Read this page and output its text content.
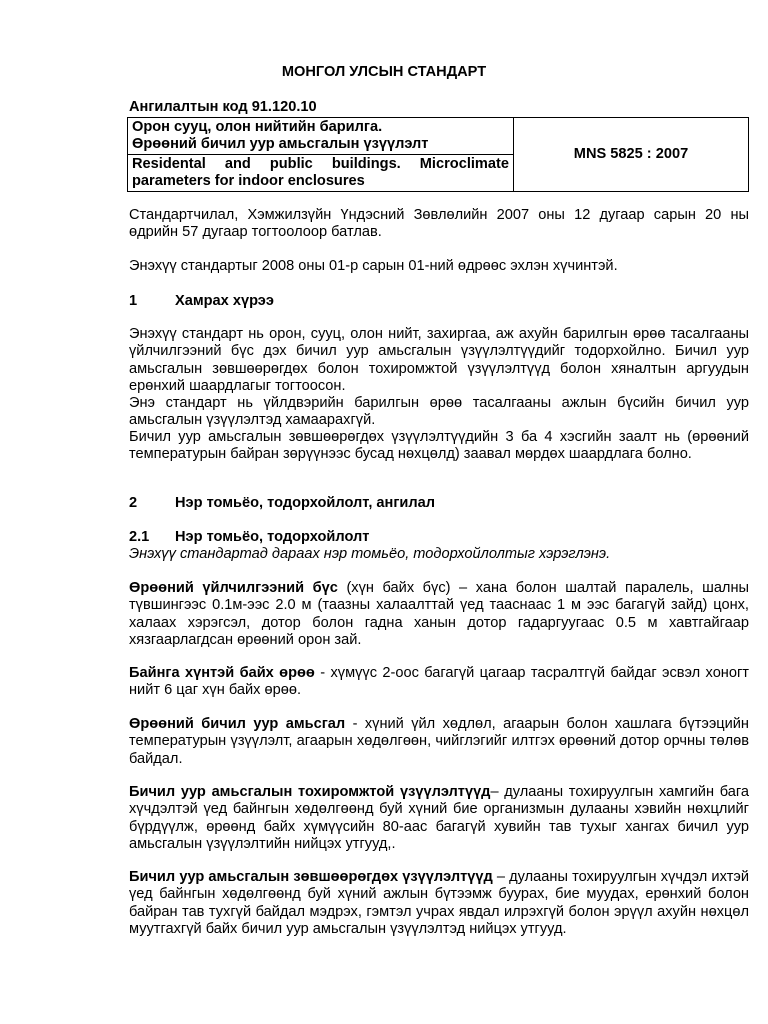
МОНГОЛ УЛСЫН СТАНДАРТ
Ангилалтын код 91.120.10
Орон сууц, олон нийтийн барилга.
Өрөөний бичил уур амьсгалын үзүүлэлт
	MNS 5825 : 2007
Residental and public buildings. Microclimate parameters for indoor enclosures
Стандартчилал, Хэмжилзүйн Үндэсний Зөвлөлийн 2007 оны 12 дугаар сарын 20 ны өдрийн 57 дугаар тогтоолоор батлав.
Энэхүү стандартыг 2008 оны 01-р сарын 01-ний өдрөөс эхлэн хүчинтэй.
1	Хамрах хүрээ
Энэхүү стандарт нь орон, сууц, олон нийт, захиргаа, аж ахуйн барилгын өрөө тасалгааны үйлчилгээний бүс дэх бичил уур амьсгалын үзүүлэлтүүдийг тодорхойлно. Бичил уур амьсгалын зөвшөөрөгдөх болон тохиромжтой үзүүлэлтүүд болон хяналтын аргуудын ерөнхий шаардлагыг тогтоосон.
Энэ стандарт нь үйлдвэрийн барилгын өрөө тасалгааны ажлын бүсийн бичил уур амьсгалын үзүүлэлтэд хамаарахгүй.
Бичил уур амьсгалын зөвшөөрөгдөх үзүүлэлтүүдийн 3 ба 4 хэсгийн заалт нь (өрөөний температурын байран зөрүүнээс бусад нөхцөлд) заавал мөрдөх шаардлага болно.
2	Нэр томьёо, тодорхойлолт, ангилал
2.1 Нэр томьёо, тодорхойлолт
Энэхүү стандартад дараах нэр томьёо, тодорхойлолтыг хэрэглэнэ.
Өрөөний үйлчилгээний бүс (хүн байх бүс) – хана болон шалтай паралель, шалны түвшингээс 0.1м-ээс 2.0 м (таазны халаалттай үед тааснаас 1 м ээс багагүй зайд) цонх, халаах хэрэгсэл, дотор болон гадна ханын дотор гадаргуугаас 0.5 м хавтгайгаар хязгаарлагдсан өрөөний орон зай.
Байнга хүнтэй байх өрөө - хүмүүс 2-оос багагүй цагаар тасралтгүй байдаг эсвэл хоногт нийт 6 цаг хүн байх өрөө.
Өрөөний бичил уур амьсгал - хүний үйл хөдлөл, агаарын болон хашлага бүтээцийн температурын үзүүлэлт, агаарын хөдөлгөөн, чийглэгийг илтгэх өрөөний дотор орчны төлөв байдал.
Бичил уур амьсгалын тохиромжтой үзүүлэлтүүд– дулааны тохируулгын хамгийн бага хүчдэлтэй үед байнгын хөдөлгөөнд буй хүний бие организмын дулааны хэвийн нөхцлийг бүрдүүлж, өрөөнд байх хүмүүсийн 80-аас багагүй хувийн тав тухыг хангах бичил уур амьсгалын үзүүлэлтийн нийцэх утгууд,.
Бичил уур амьсгалын зөвшөөрөгдөх үзүүлэлтүүд – дулааны тохируулгын хүчдэл ихтэй үед байнгын хөдөлгөөнд буй хүний ажлын бүтээмж буурах, бие муудах, ерөнхий болон байран тав тухгүй байдал мэдрэх, гэмтэл учрах явдал илрэхгүй болон эрүүл ахуйн нөхцөл муутгахгүй байх бичил уур амьсгалын үзүүлэлтэд нийцэх утгууд.
